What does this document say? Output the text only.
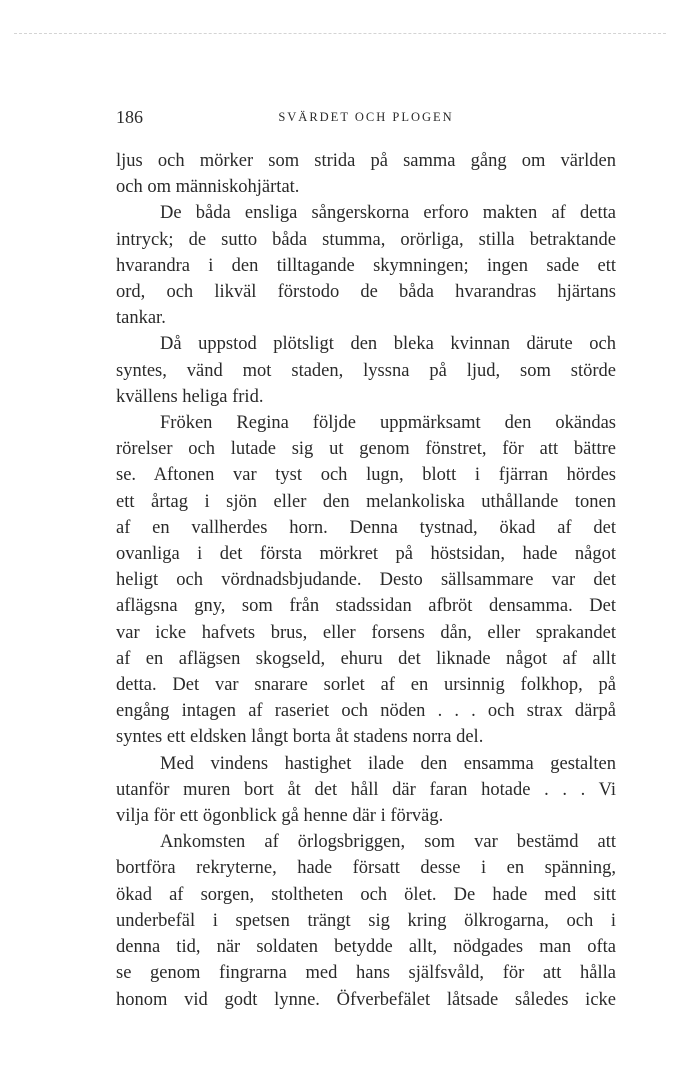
186	SVÄRDET OCH PLOGEN

ljus och mörker som strida på samma gång om världen
och om människohjärtat.

De båda ensliga sångerskorna erforo makten af detta
intryck; de sutto båda stumma, orörliga, stilla betraktande
hvarandra i den tilltagande skymningen; ingen sade ett
ord, och likväl förstodo de båda hvarandras hjärtans
tankar.

Då uppstod plötsligt den bleka kvinnan därute och
syntes, vänd mot staden, lyssna på ljud, som störde
kvällens heliga frid.

Fröken Regina följde uppmärksamt den okändas
rörelser och lutade sig ut genom fönstret, för att bättre
se. Aftonen var tyst och lugn, blott i fjärran hördes
ett årtag i sjön eller den melankoliska uthållande tonen
af en vallherdes horn. Denna tystnad, ökad af det
ovanliga i det första mörkret på höstsidan, hade något
heligt och vördnadsbjudande. Desto sällsammare var det
aflägsna gny, som från stadssidan afbröt densamma. Det
var icke hafvets brus, eller forsens dån, eller sprakandet
af en aflägsen skogseld, ehuru det liknade något af allt
detta. Det var snarare sorlet af en ursinnig folkhop, på
engång intagen af raseriet och nöden . . . och strax därpå
syntes ett eldsken långt borta åt stadens norra del.

Med vindens hastighet ilade den ensamma gestalten
utanför muren bort åt det håll där faran hotade . . . Vi
vilja för ett ögonblick gå henne där i förväg.

Ankomsten af örlogsbriggen, som var bestämd att
bortföra rekryterne, hade försatt desse i en spänning,
ökad af sorgen, stoltheten och ölet. De hade med sitt
underbefäl i spetsen trängt sig kring ölkrogarna, och i
denna tid, när soldaten betydde allt, nödgades man ofta
se genom fingrarna med hans själfsvåld, för att hålla
honom vid godt lynne. Öfverbefälet låtsade således icke
